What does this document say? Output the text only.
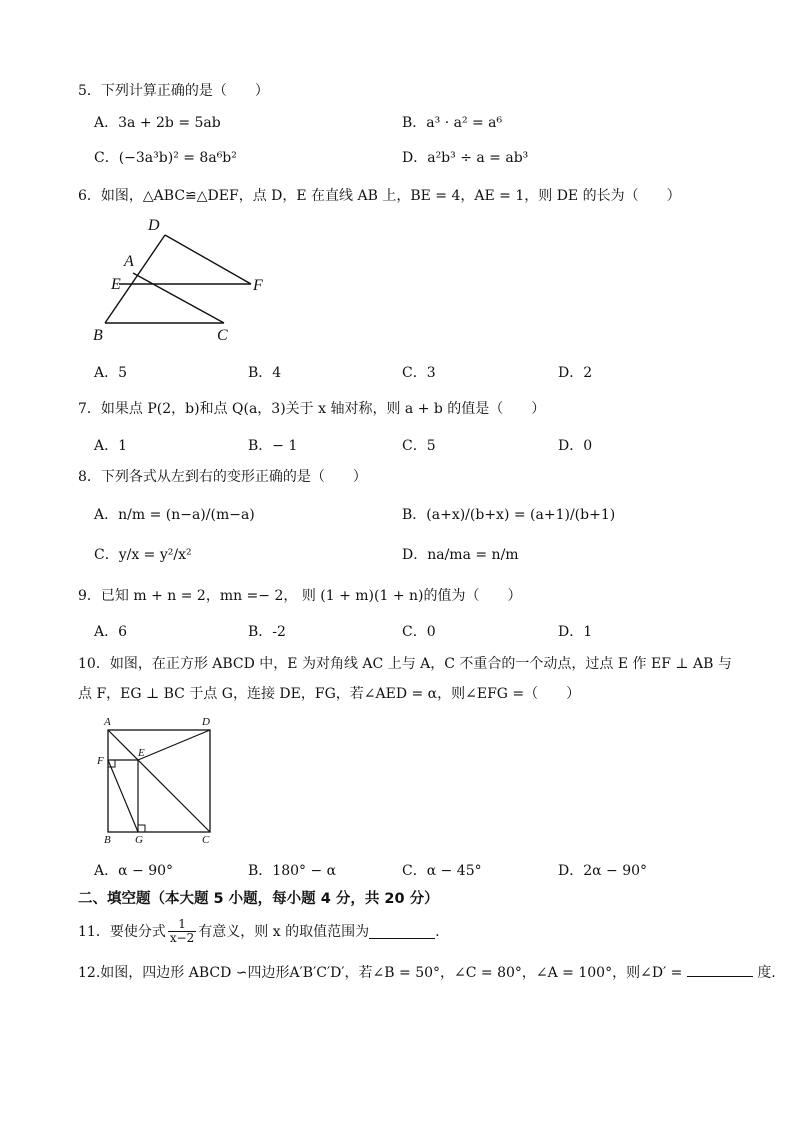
5．下列计算正确的是（　　）
A．3a + 2b = 5ab	B．a³ · a² = a⁶
C．(−3a³b)² = 8a⁶b²	D．a²b³ ÷ a = ab³
6．如图，△ABC≌△DEF，点 D，E 在直线 AB 上，BE = 4，AE = 1，则 DE 的长为（　　）
D
A
E	F
B	C
A．5	B．4	C．3	D．2
7．如果点 P(2，b)和点 Q(a，3)关于 x 轴对称，则 a + b 的值是（　　）
A．1	B．− 1	C．5	D．0
8．下列各式从左到右的变形正确的是（　　）
A．n/m = (n−a)/(m−a)	B．(a+x)/(b+x) = (a+1)/(b+1)
C．y/x = y²/x²	D．na/ma = n/m
9．已知 m + n = 2，mn =− 2， 则 (1 + m)(1 + n)的值为（　　）
A．6	B．-2	C．0	D．1
10．如图，在正方形 ABCD 中，E 为对角线 AC 上与 A，C 不重合的一个动点，过点 E 作 EF ⊥ AB 与
点 F，EG ⊥ BC 于点 G，连接 DE，FG，若∠AED = α，则∠EFG =（　　）
A	D
E
F
B G	C
A．α − 90°	B．180° − α	C．α − 45°	D．2α − 90°
二、填空题（本大题 5 小题，每小题 4 分，共 20 分）
11．要使分式 $\frac{1}{x-2}$ 有意义，则 x 的取值范围为	.
12.如图，四边形 ABCD ∽四边形A′B′C′D′，若∠B = 50°，∠C = 80°，∠A = 100°，则∠D′ =	度.
